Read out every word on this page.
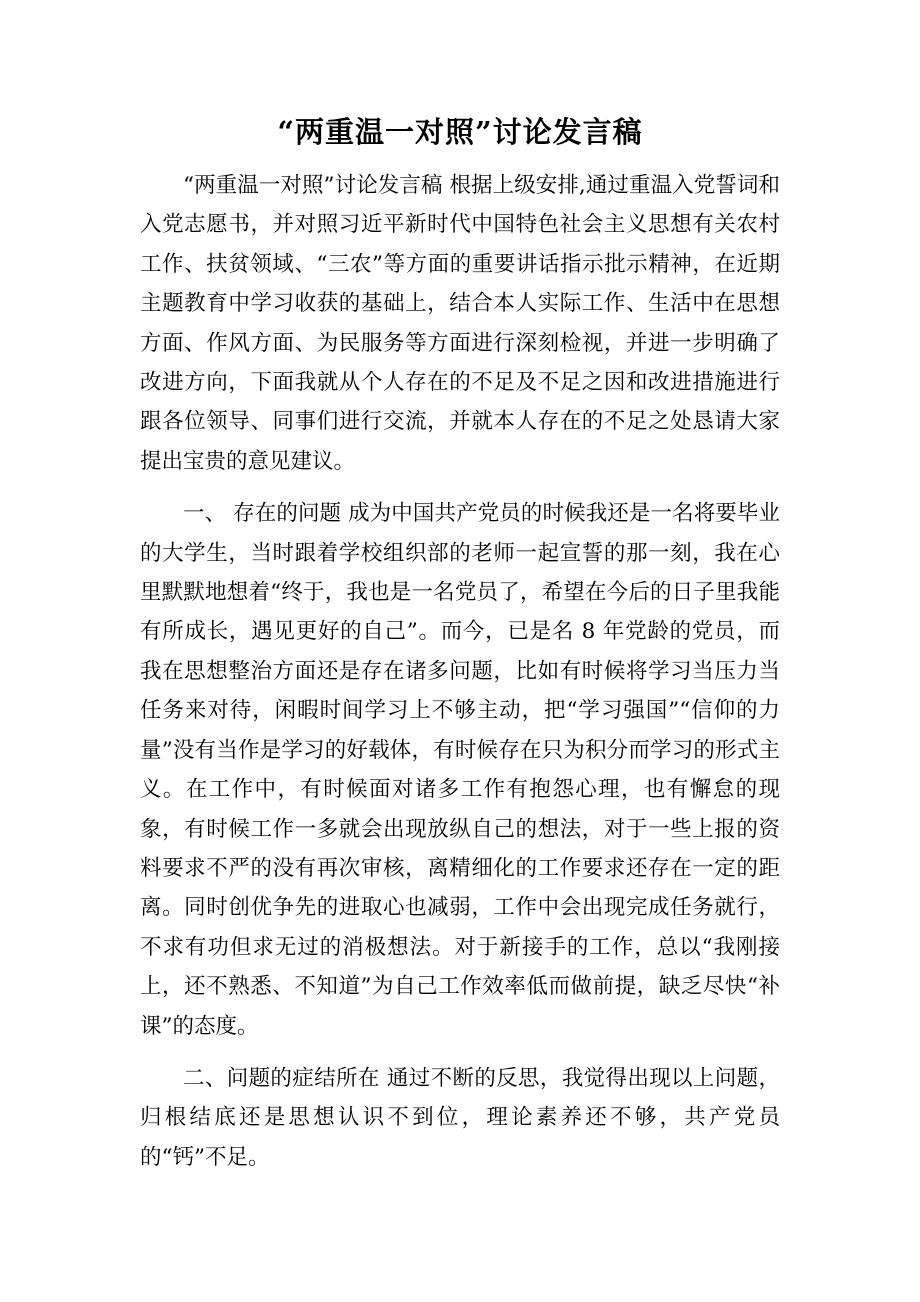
“两重温一对照”讨论发言稿

“两重温一对照”讨论发言稿 根据上级安排,通过重温入党誓词和入党志愿书，并对照习近平新时代中国特色社会主义思想有关农村工作、扶贫领域、“三农”等方面的重要讲话指示批示精神，在近期主题教育中学习收获的基础上，结合本人实际工作、生活中在思想方面、作风方面、为民服务等方面进行深刻检视，并进一步明确了改进方向，下面我就从个人存在的不足及不足之因和改进措施进行跟各位领导、同事们进行交流，并就本人存在的不足之处恳请大家提出宝贵的意见建议。

一、 存在的问题 成为中国共产党员的时候我还是一名将要毕业的大学生，当时跟着学校组织部的老师一起宣誓的那一刻，我在心里默默地想着“终于，我也是一名党员了，希望在今后的日子里我能有所成长，遇见更好的自己”。而今，已是名 8 年党龄的党员，而我在思想整治方面还是存在诸多问题，比如有时候将学习当压力当任务来对待，闲暇时间学习上不够主动，把“学习强国”“信仰的力量”没有当作是学习的好载体，有时候存在只为积分而学习的形式主义。在工作中，有时候面对诸多工作有抱怨心理，也有懈怠的现象，有时候工作一多就会出现放纵自己的想法，对于一些上报的资料要求不严的没有再次审核，离精细化的工作要求还存在一定的距离。同时创优争先的进取心也减弱，工作中会出现完成任务就行，不求有功但求无过的消极想法。对于新接手的工作，总以“我刚接上，还不熟悉、不知道”为自己工作效率低而做前提，缺乏尽快“补课”的态度。

二、问题的症结所在 通过不断的反思，我觉得出现以上问题，归根结底还是思想认识不到位，理论素养还不够，共产党员的“钙”不足。
